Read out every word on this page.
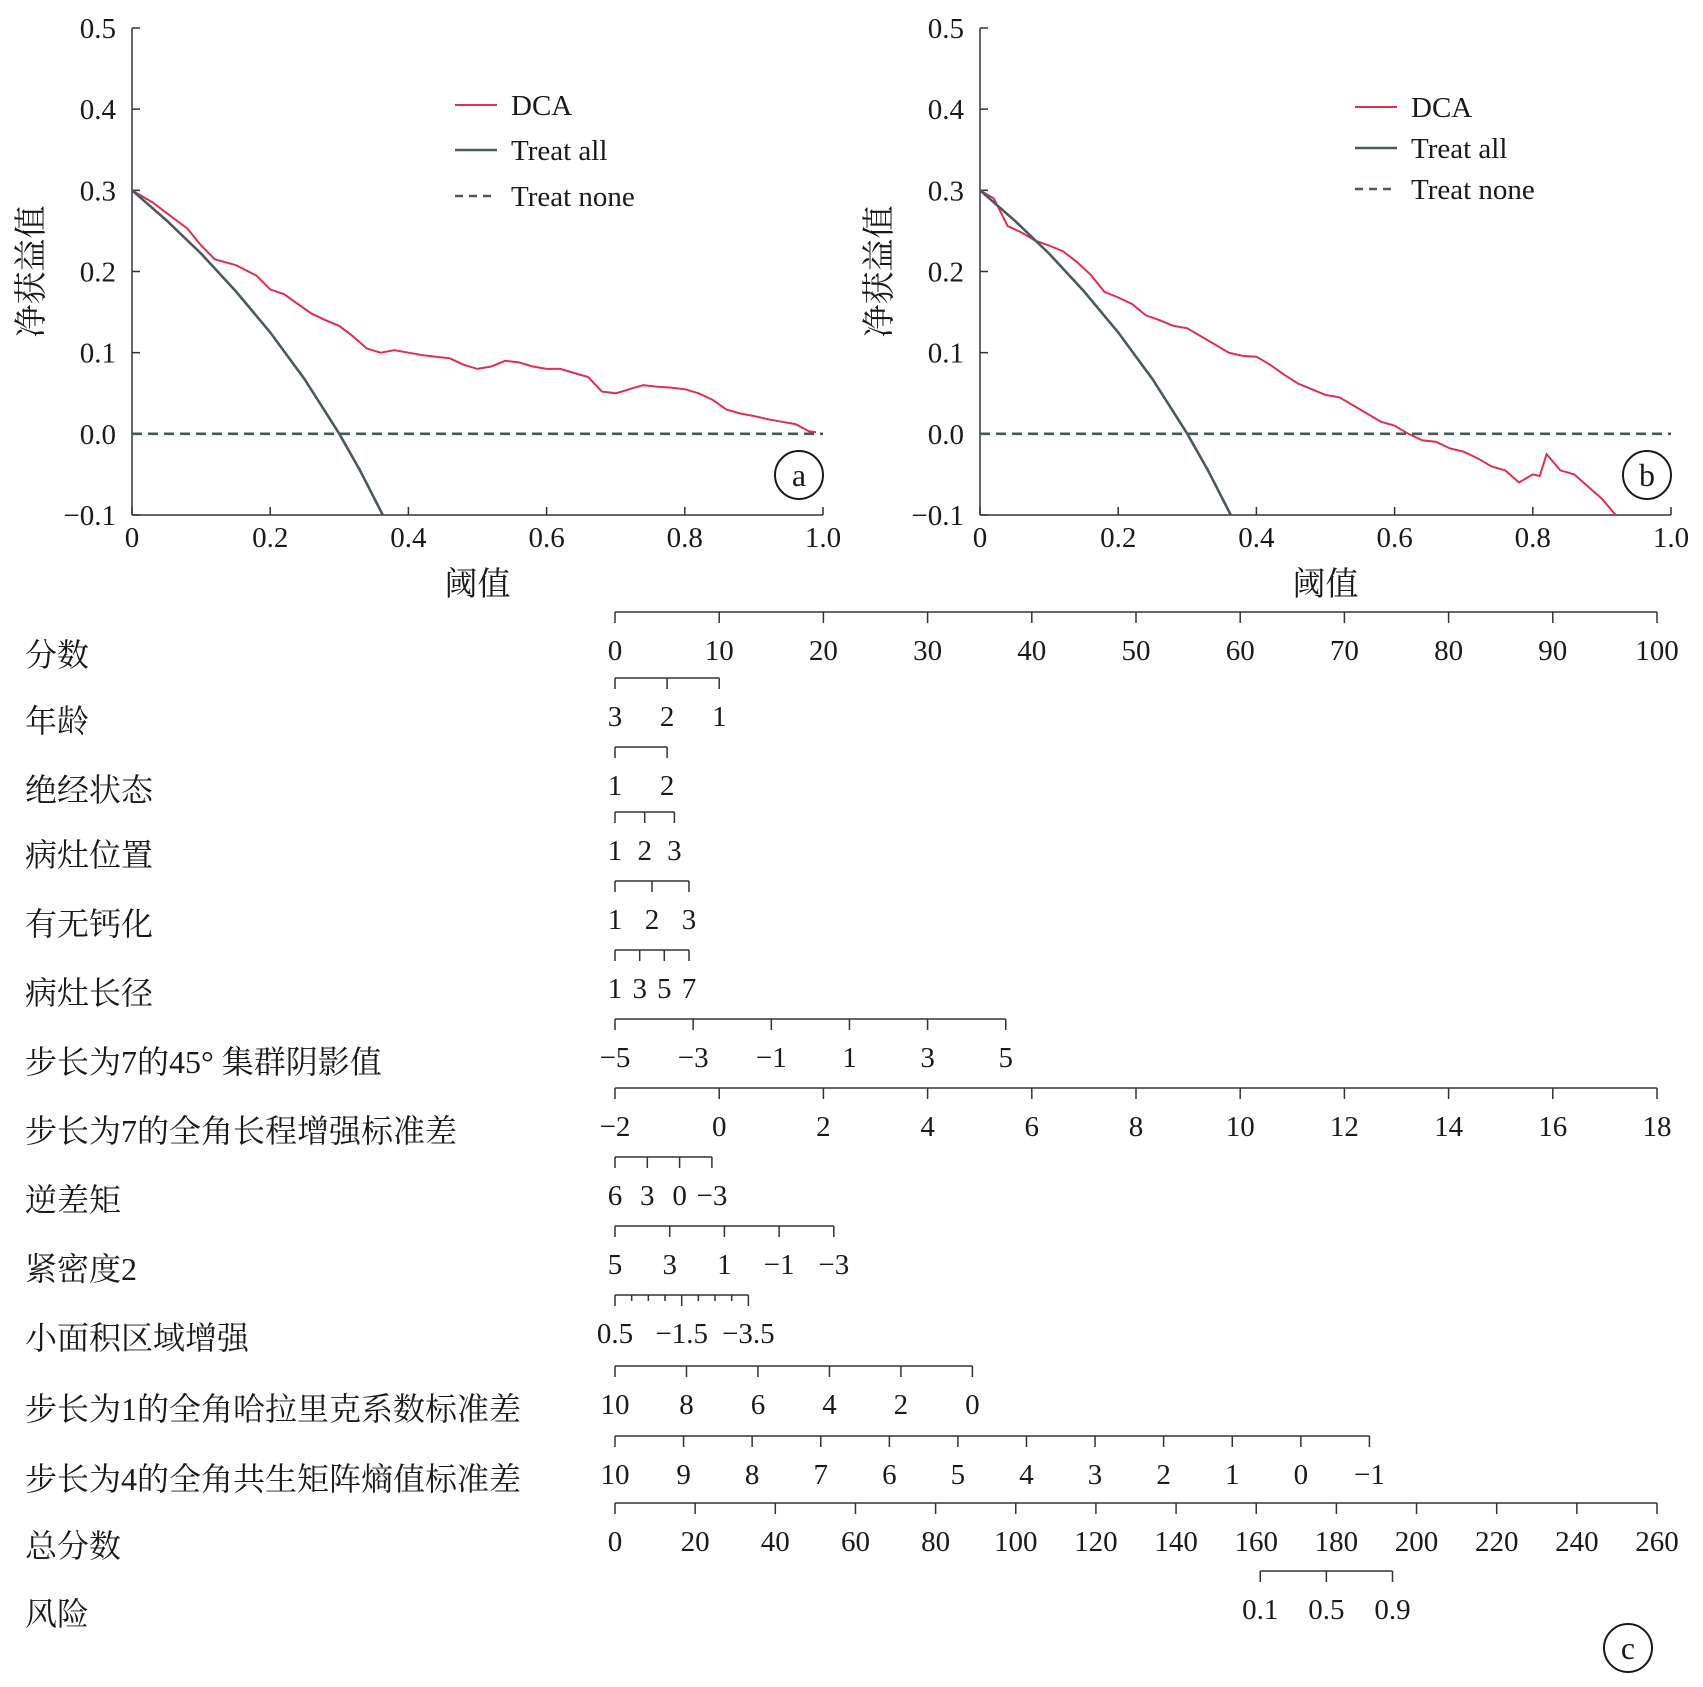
0	0.2	0.4	0.6	0.8	1.0
−0.1
0.0
0.1
0.2
0.3
0.4
0.5
阈值
净获益值
DCA
Treat all
Treat none
a
0	0.2	0.4	0.6	0.8	1.0
−0.1
0.0
0.1
0.2
0.3
0.4
0.5
阈值
净获益值
DCA
Treat all
Treat none
b
分数	0	10	20	30	40	50	60	70	80	90 100
年龄	3 2 1
绝经状态	1 2
病灶位置	1 2 3
有无钙化	1 2 3
病灶长径	1 3 5 7
步长为7的45° 集群阴影值	−5 −3 −1 1 3 5
步长为7的全角长程增强标准差	−2	0	2	4	6	8	10	12	14	16	18
逆差矩	6 3 0 −3
紧密度2	5 3 1 −1 −3
小面积区域增强	0.5 −1.5 −3.5
步长为1的全角哈拉里克系数标准差	10 8 6 4 2 0
步长为4的全角共生矩阵熵值标准差	10 9 8 7 6 5 4 3 2 1 0 −1
总分数	0 20 40 60 80 100 120 140 160 180 200 220 240 260
风险	0.1 0.5 0.9
c
